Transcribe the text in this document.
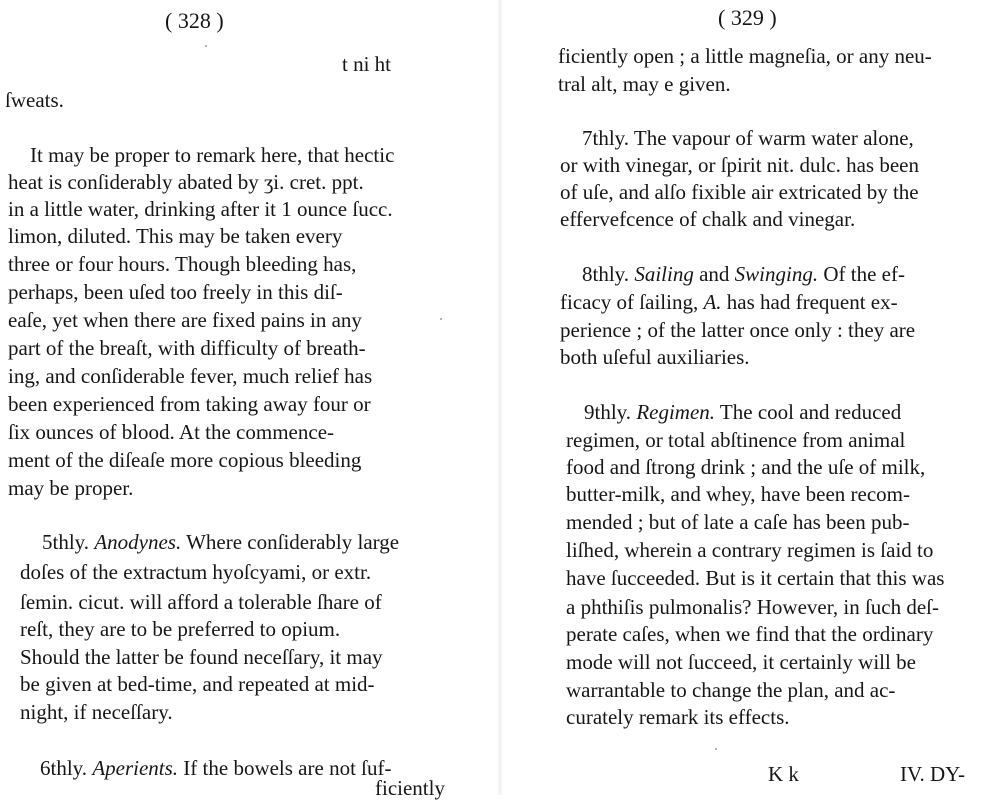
( 328 )
t ni ht
ſweats.
It may be proper to remark here, that hectic
heat is conſiderably abated by ʒi. cret. ppt.
in a little water, drinking after it 1 ounce ſucc.
limon, diluted. This may be taken every
three or four hours. Though bleeding has,
perhaps, been uſed too freely in this diſ-
eaſe, yet when there are fixed pains in any
part of the breaſt, with difficulty of breath-
ing, and conſiderable fever, much relief has
been experienced from taking away four or
ſix ounces of blood. At the commence-
ment of the diſeaſe more copious bleeding
may be proper.
5thly. Anodynes. Where conſiderably large
doſes of the extractum hyoſcyami, or extr.
ſemin. cicut. will afford a tolerable ſhare of
reſt, they are to be preferred to opium.
Should the latter be found neceſſary, it may
be given at bed-time, and repeated at mid-
night, if neceſſary.
6thly. Aperients. If the bowels are not ſuf-
ficiently
( 329 )
ficiently open ; a little magneſia, or any neu-
tral alt, may e given.
7thly. The vapour of warm water alone,
or with vinegar, or ſpirit nit. dulc. has been
of uſe, and alſo fixible air extricated by the
effervefcence of chalk and vinegar.
8thly. Sailing and Swinging. Of the ef-
ficacy of ſailing, A. has had frequent ex-
perience ; of the latter once only : they are
both uſeful auxiliaries.
9thly. Regimen. The cool and reduced
regimen, or total abſtinence from animal
food and ſtrong drink ; and the uſe of milk,
butter-milk, and whey, have been recom-
mended ; but of late a caſe has been pub-
liſhed, wherein a contrary regimen is ſaid to
have ſucceeded. But is it certain that this was
a phthiſis pulmonalis? However, in ſuch deſ-
perate caſes, when we find that the ordinary
mode will not ſucceed, it certainly will be
warrantable to change the plan, and ac-
curately remark its effects.
K k	IV. DY-
